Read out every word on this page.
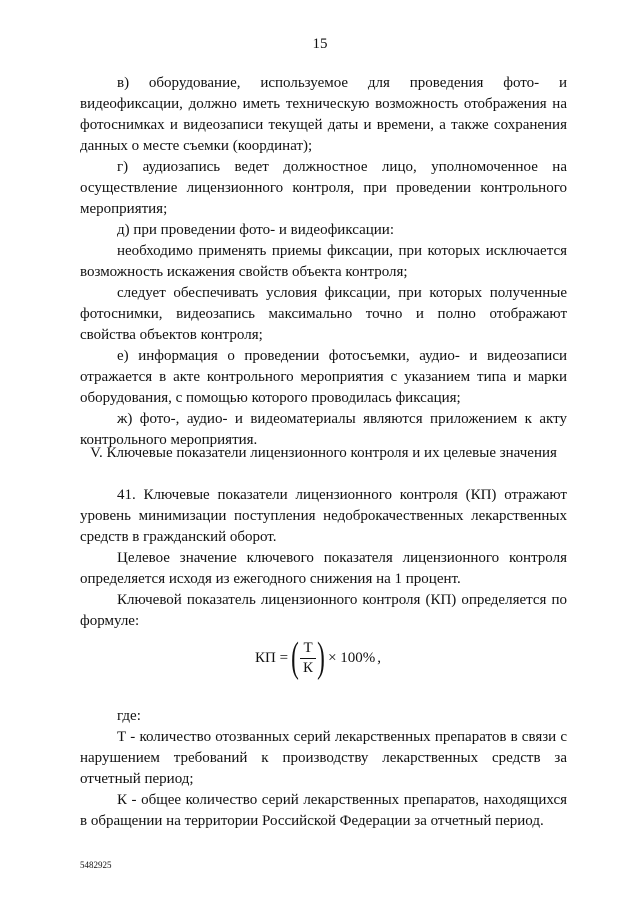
15

в) оборудование, используемое для проведения фото- и видеофиксации, должно иметь техническую возможность отображения на фотоснимках и видеозаписи текущей даты и времени, а также сохранения данных о месте съемки (координат);

г) аудиозапись ведет должностное лицо, уполномоченное на осуществление лицензионного контроля, при проведении контрольного мероприятия;

д) при проведении фото- и видеофиксации:

необходимо применять приемы фиксации, при которых исключается возможность искажения свойств объекта контроля;

следует обеспечивать условия фиксации, при которых полученные фотоснимки, видеозапись максимально точно и полно отображают свойства объектов контроля;

е) информация о проведении фотосъемки, аудио- и видеозаписи отражается в акте контрольного мероприятия с указанием типа и марки оборудования, с помощью которого проводилась фиксация;

ж) фото-, аудио- и видеоматериалы являются приложением к акту контрольного мероприятия.

V. Ключевые показатели лицензионного контроля и их целевые значения

41. Ключевые показатели лицензионного контроля (КП) отражают уровень минимизации поступления недоброкачественных лекарственных средств в гражданский оборот.

Целевое значение ключевого показателя лицензионного контроля определяется исходя из ежегодного снижения на 1 процент.

Ключевой показатель лицензионного контроля (КП) определяется по формуле:

КП = ( $\frac{Т}{К}$ ) × 100% ,

где:

Т - количество отозванных серий лекарственных препаратов в связи с нарушением требований к производству лекарственных средств за отчетный период;

К - общее количество серий лекарственных препаратов, находящихся в обращении на территории Российской Федерации за отчетный период.

5482925
